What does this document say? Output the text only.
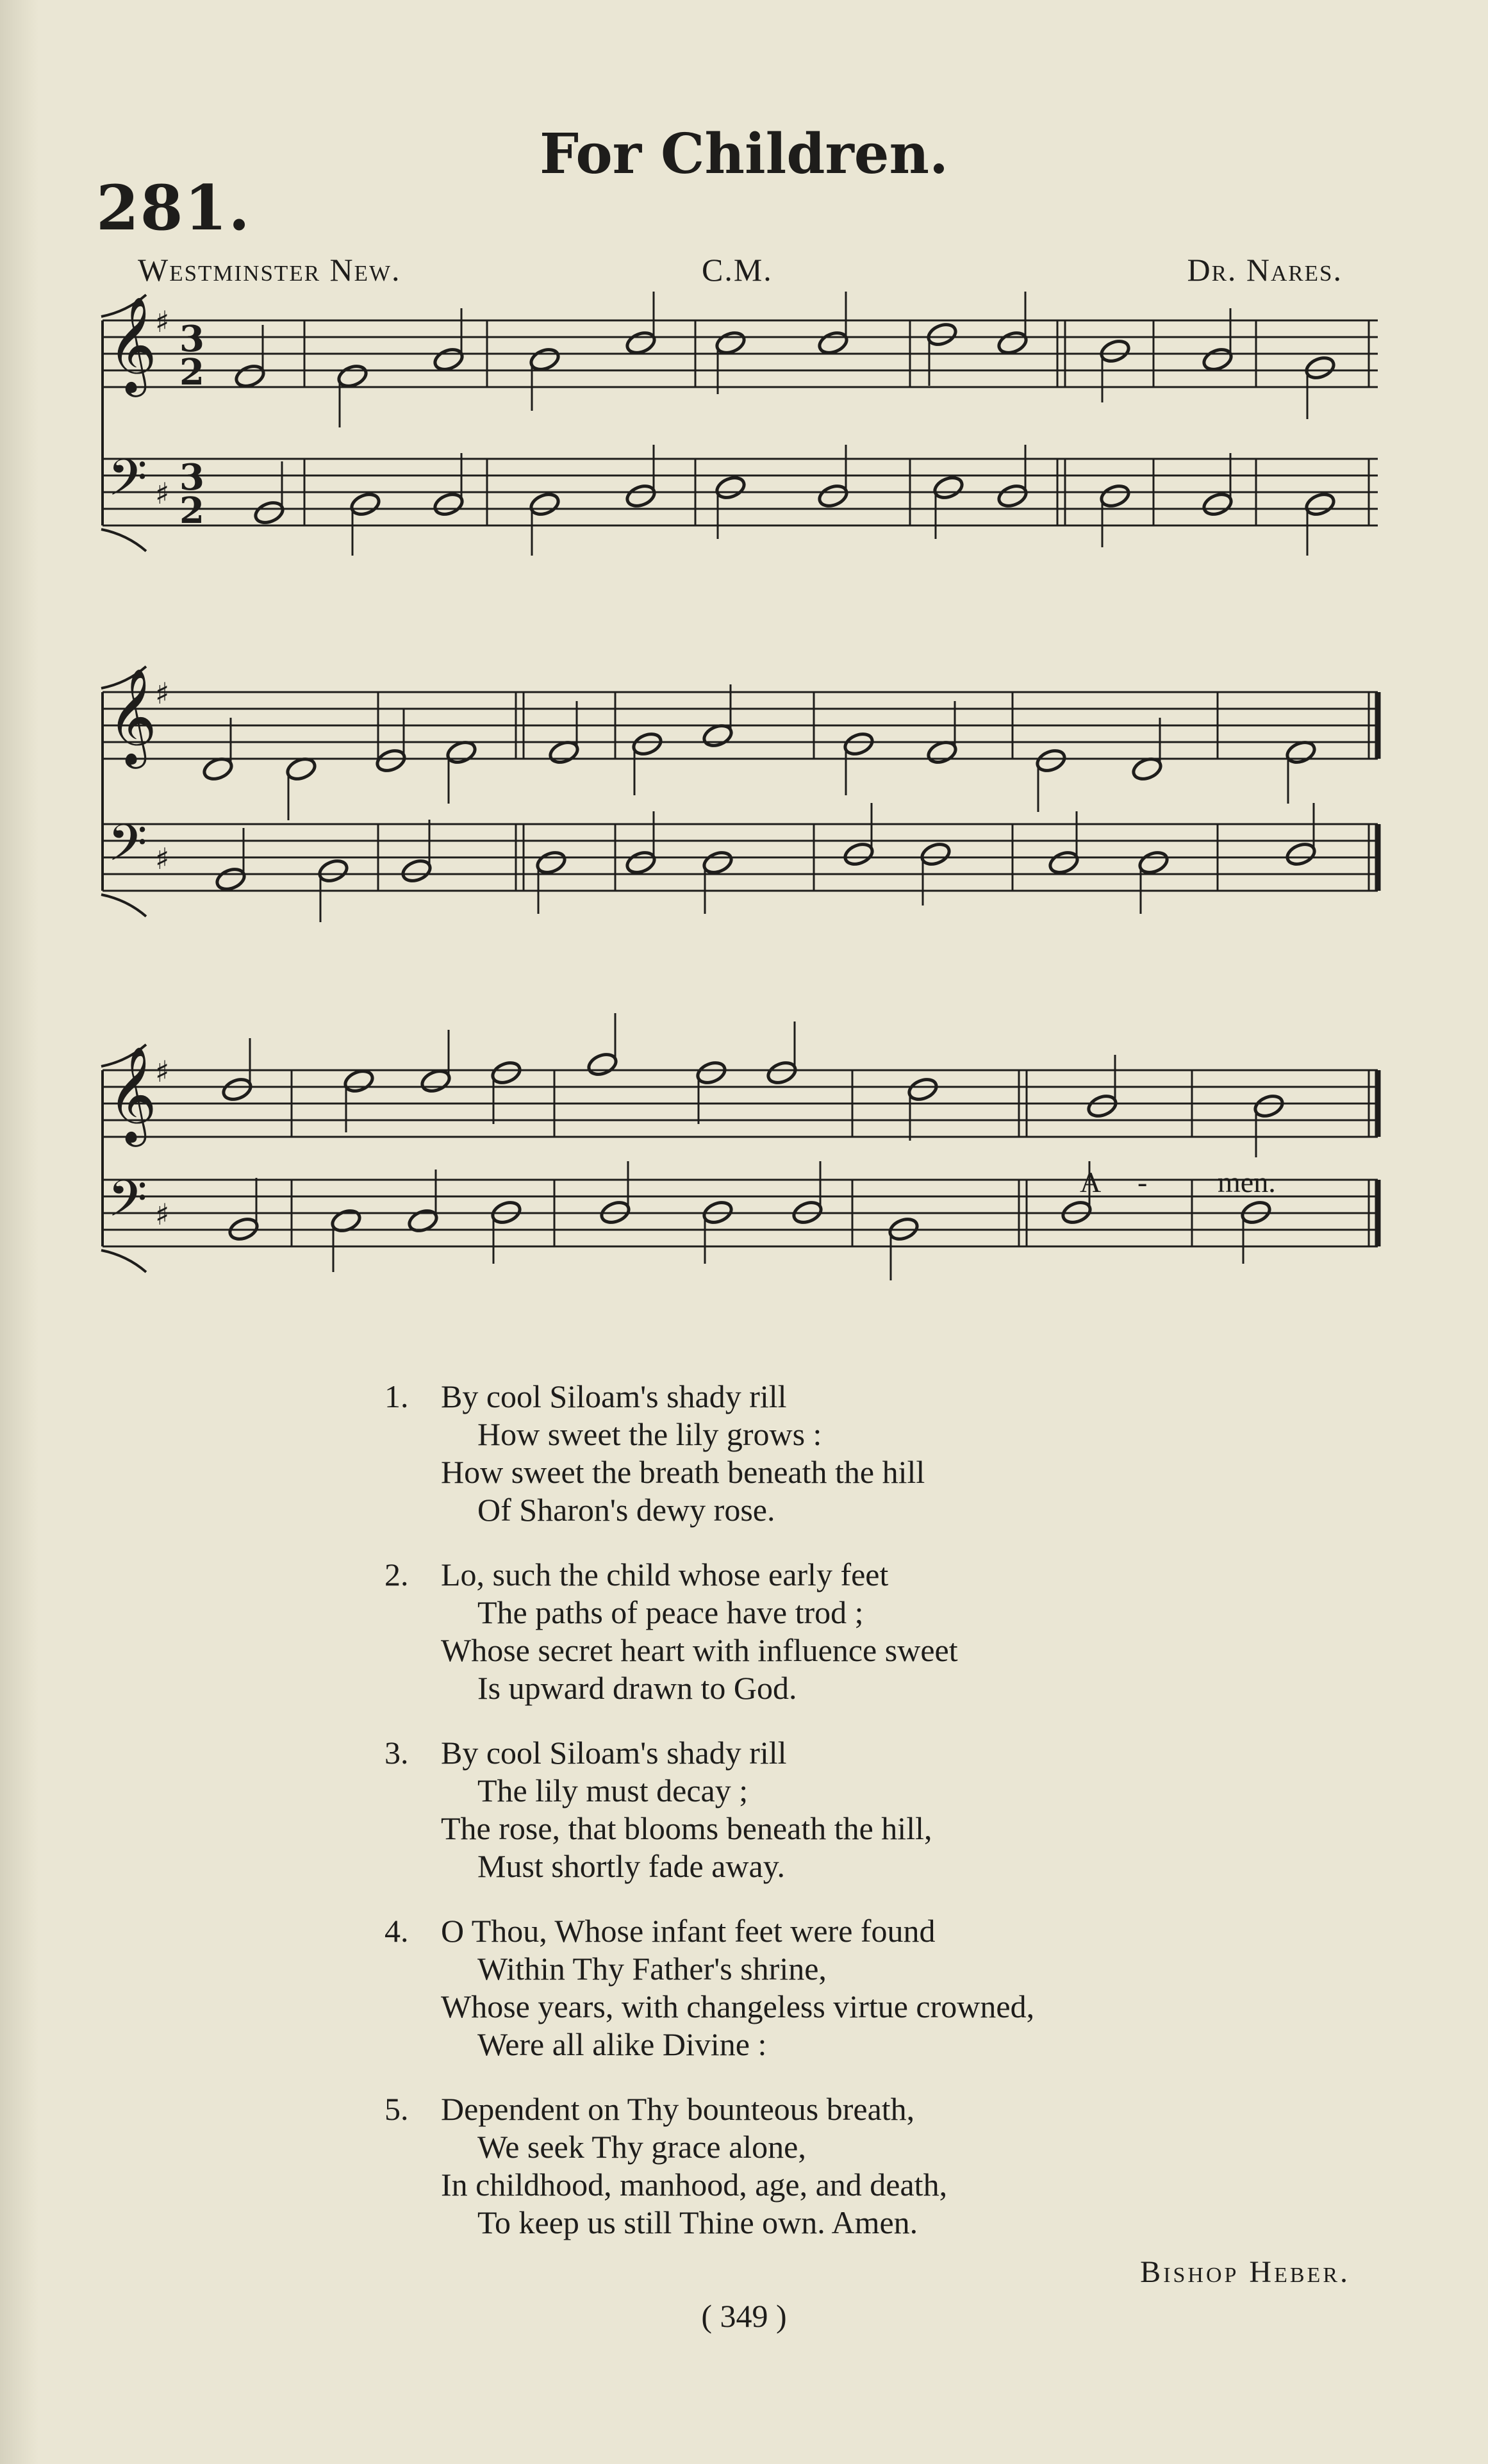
For Children.
281.
Westminster New.	C.M.	Dr. Nares.
𝄞
♯ 3
2
𝄢 ♯ 3
2
𝄞
♯
𝄢 ♯
𝄞
♯
𝄢 ♯
A - men.
1.	By cool Siloam's shady rill
How sweet the lily grows :
How sweet the breath beneath the hill
Of Sharon's dewy rose.
2.	Lo, such the child whose early feet
The paths of peace have trod ;
Whose secret heart with influence sweet
Is upward drawn to God.
3.	By cool Siloam's shady rill
The lily must decay ;
The rose, that blooms beneath the hill,
Must shortly fade away.
4.	O Thou, Whose infant feet were found
Within Thy Father's shrine,
Whose years, with changeless virtue crowned,
Were all alike Divine :
5.	Dependent on Thy bounteous breath,
We seek Thy grace alone,
In childhood, manhood, age, and death,
To keep us still Thine own. Amen.
Bishop Heber.
( 349 )
